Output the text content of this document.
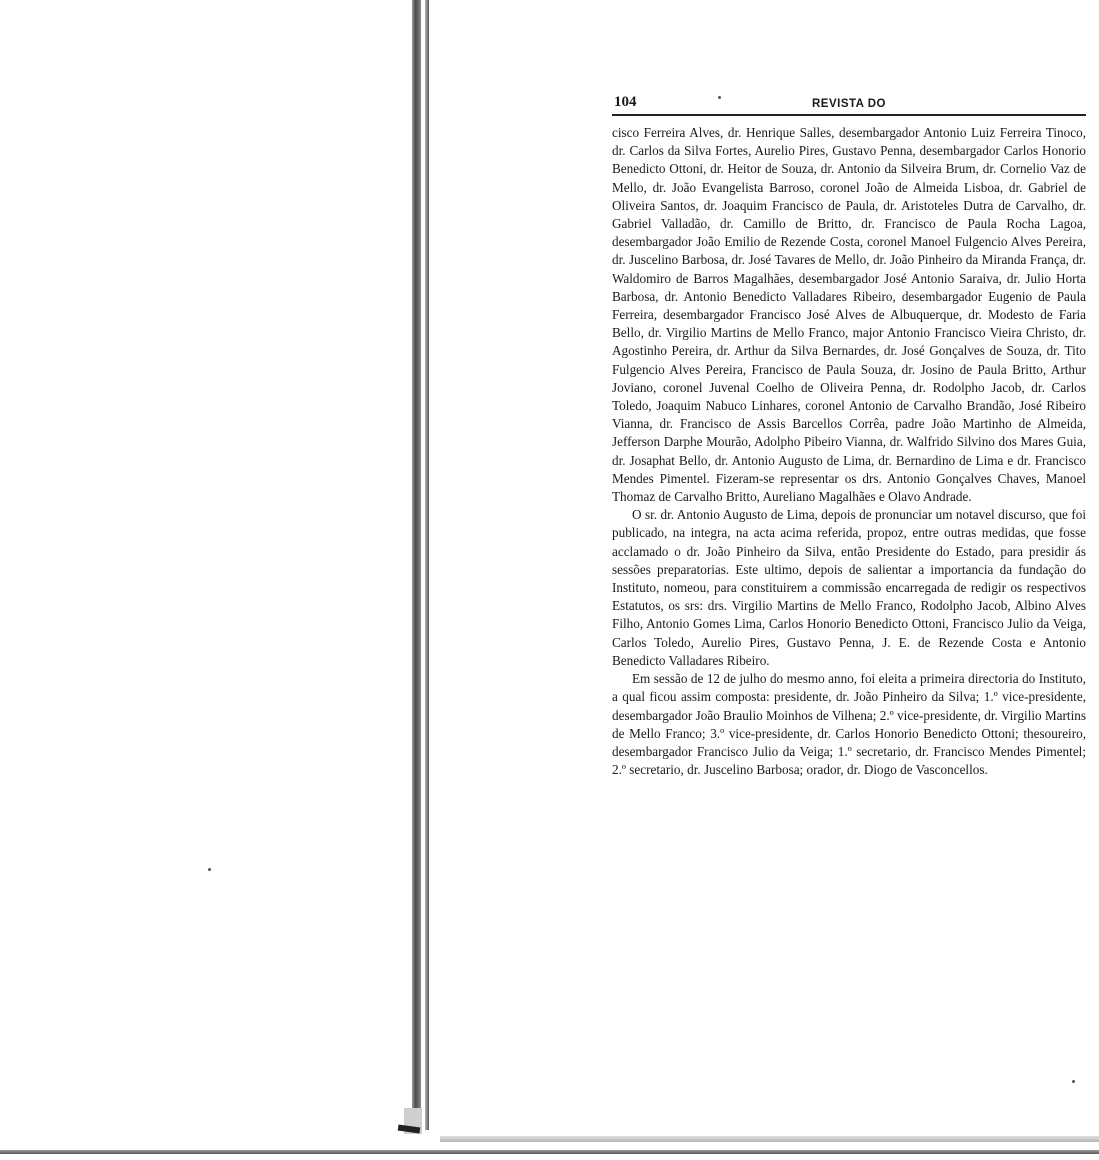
104	REVISTA DO

cisco Ferreira Alves, dr. Henrique Salles, desembargador Antonio Luiz Ferreira Tinoco, dr. Carlos da Silva Fortes, Aurelio Pires, Gustavo Penna, desembargador Carlos Honorio Benedicto Ottoni, dr. Heitor de Souza, dr. Antonio da Silveira Brum, dr. Cornelio Vaz de Mello, dr. João Evangelista Barroso, coronel João de Almeida Lisboa, dr. Gabriel de Oliveira Santos, dr. Joaquim Francisco de Paula, dr. Aristoteles Dutra de Carvalho, dr. Gabriel Valladão, dr. Camillo de Britto, dr. Francisco de Paula Rocha Lagoa, desembargador João Emilio de Rezende Costa, coronel Manoel Fulgencio Alves Pereira, dr. Juscelino Barbosa, dr. José Tavares de Mello, dr. João Pinheiro da Miranda França, dr. Waldomiro de Barros Magalhães, desembargador José Antonio Saraiva, dr. Julio Horta Barbosa, dr. Antonio Benedicto Valladares Ribeiro, desembargador Eugenio de Paula Ferreira, desembargador Francisco José Alves de Albuquerque, dr. Modesto de Faria Bello, dr. Virgilio Martins de Mello Franco, major Antonio Francisco Vieira Christo, dr. Agostinho Pereira, dr. Arthur da Silva Bernardes, dr. José Gonçalves de Souza, dr. Tito Fulgencio Alves Pereira, Francisco de Paula Souza, dr. Josino de Paula Britto, Arthur Joviano, coronel Juvenal Coelho de Oliveira Penna, dr. Rodolpho Jacob, dr. Carlos Toledo, Joaquim Nabuco Linhares, coronel Antonio de Carvalho Brandão, José Ribeiro Vianna, dr. Francisco de Assis Barcellos Corrêa, padre João Martinho de Almeida, Jefferson Darphe Mourão, Adolpho Pibeiro Vianna, dr. Walfrido Silvino dos Mares Guia, dr. Josaphat Bello, dr. Antonio Augusto de Lima, dr. Bernardino de Lima e dr. Francisco Mendes Pimentel. Fizeram-se representar os drs. Antonio Gonçalves Chaves, Manoel Thomaz de Carvalho Britto, Aureliano Magalhães e Olavo Andrade.

O sr. dr. Antonio Augusto de Lima, depois de pronunciar um notavel discurso, que foi publicado, na integra, na acta acima referida, propoz, entre outras medidas, que fosse acclamado o dr. João Pinheiro da Silva, então Presidente do Estado, para presidir ás sessões preparatorias. Este ultimo, depois de salientar a importancia da fundação do Instituto, nomeou, para constituirem a commissão encarregada de redigir os respectivos Estatutos, os srs: drs. Virgilio Martins de Mello Franco, Rodolpho Jacob, Albino Alves Filho, Antonio Gomes Lima, Carlos Honorio Benedicto Ottoni, Francisco Julio da Veiga, Carlos Toledo, Aurelio Pires, Gustavo Penna, J. E. de Rezende Costa e Antonio Benedicto Valladares Ribeiro.

Em sessão de 12 de julho do mesmo anno, foi eleita a primeira directoria do Instituto, a qual ficou assim composta: presidente, dr. João Pinheiro da Silva; 1.º vice-presidente, desembargador João Braulio Moinhos de Vilhena; 2.º vice-presidente, dr. Virgilio Martins de Mello Franco; 3.º vice-presidente, dr. Carlos Honorio Benedicto Ottoni; thesoureiro, desembargador Francisco Julio da Veiga; 1.º secretario, dr. Francisco Mendes Pimentel; 2.º secretario, dr. Juscelino Barbosa; orador, dr. Diogo de Vasconcellos.
